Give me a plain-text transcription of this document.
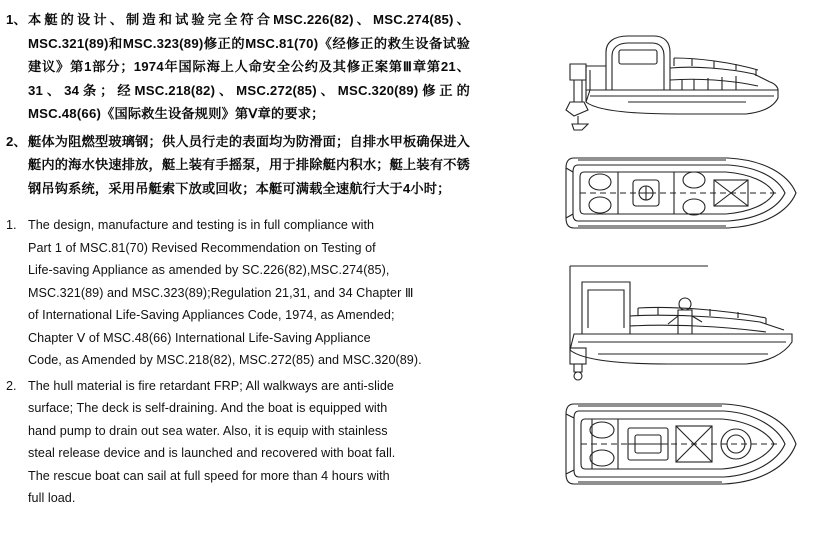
1、 本艇的设计、制造和试验完全符合MSC.226(82)、MSC.274(85)、MSC.321(89)和MSC.323(89)修正的MSC.81(70)《经修正的救生设备试验建议》第1部分；1974年国际海上人命安全公约及其修正案第Ⅲ章第21、31、34条；经MSC.218(82)、MSC.272(85)、MSC.320(89)修正的MSC.48(66)《国际救生设备规则》第Ⅴ章的要求；
2、 艇体为阻燃型玻璃钢；供人员行走的表面均为防滑面；自排水甲板确保进入艇内的海水快速排放，艇上装有手摇泵，用于排除艇内积水；艇上装有不锈钢吊钩系统，采用吊艇索下放或回收；本艇可满载全速航行大于4小时；
1. The design, manufacture and testing is in full compliance with
Part 1 of MSC.81(70) Revised Recommendation on Testing of
Life-saving Appliance as amended by SC.226(82),MSC.274(85),
MSC.321(89) and MSC.323(89);Regulation 21,31, and 34 Chapter Ⅲ
of International Life-Saving Appliances Code, 1974, as Amended;
Chapter Ⅴ of MSC.48(66) International Life-Saving Appliance
Code, as Amended by MSC.218(82), MSC.272(85) and MSC.320(89).
2. The hull material is fire retardant FRP; All walkways are anti-slide
surface; The deck is self-draining. And the boat is equipped with
hand pump to drain out sea water. Also, it is equip with stainless
steal release device and is launched and recovered with boat fall.
The rescue boat can sail at full speed for more than 4 hours with
full load.
